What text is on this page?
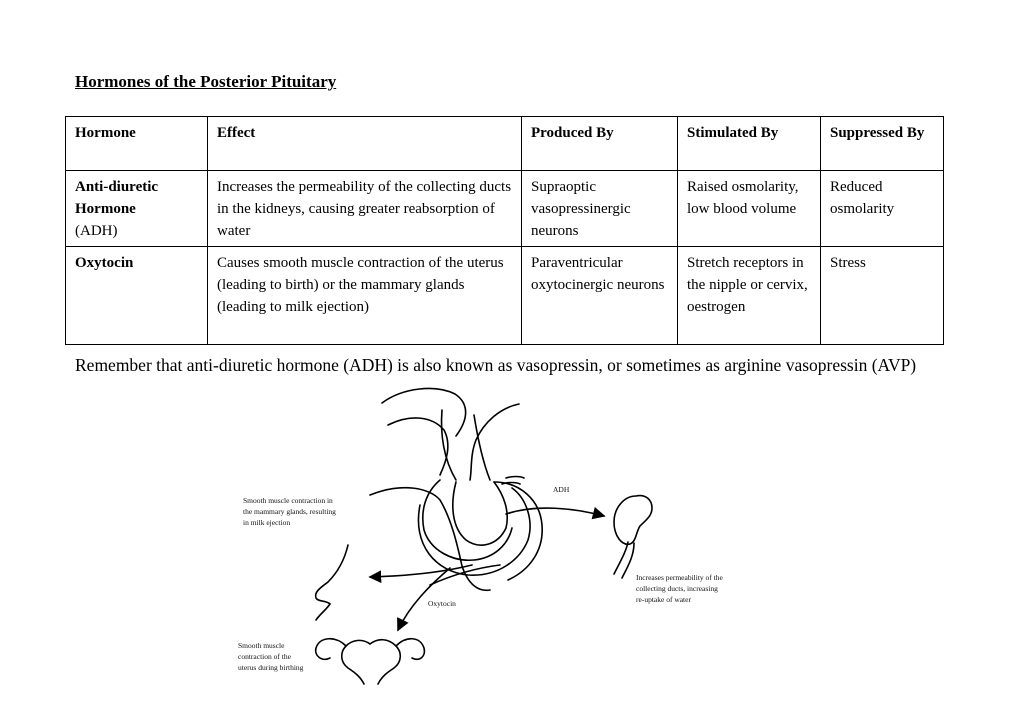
Hormones of the Posterior Pituitary
Hormone	Effect	Produced By	Stimulated By	Suppressed By
Anti-diuretic Hormone
(ADH)	Increases the permeability of the collecting ducts in the kidneys, causing greater reabsorption of water	Supraoptic vasopressinergic neurons	Raised osmolarity, low blood volume	Reduced osmolarity
Oxytocin	Causes smooth muscle contraction of the uterus (leading to birth) or the mammary glands (leading to milk ejection)	Paraventricular oxytocinergic neurons	Stretch receptors in the nipple or cervix, oestrogen	Stress

Remember that anti-diuretic hormone (ADH) is also known as vasopressin, or sometimes as arginine vasopressin (AVP)

Smooth muscle contraction in the mammary glands, resulting in milk ejection
ADH
Increases permeability of the collecting ducts, increasing re-uptake of water
Oxytocin
Smooth muscle contraction of the uterus during birthing
